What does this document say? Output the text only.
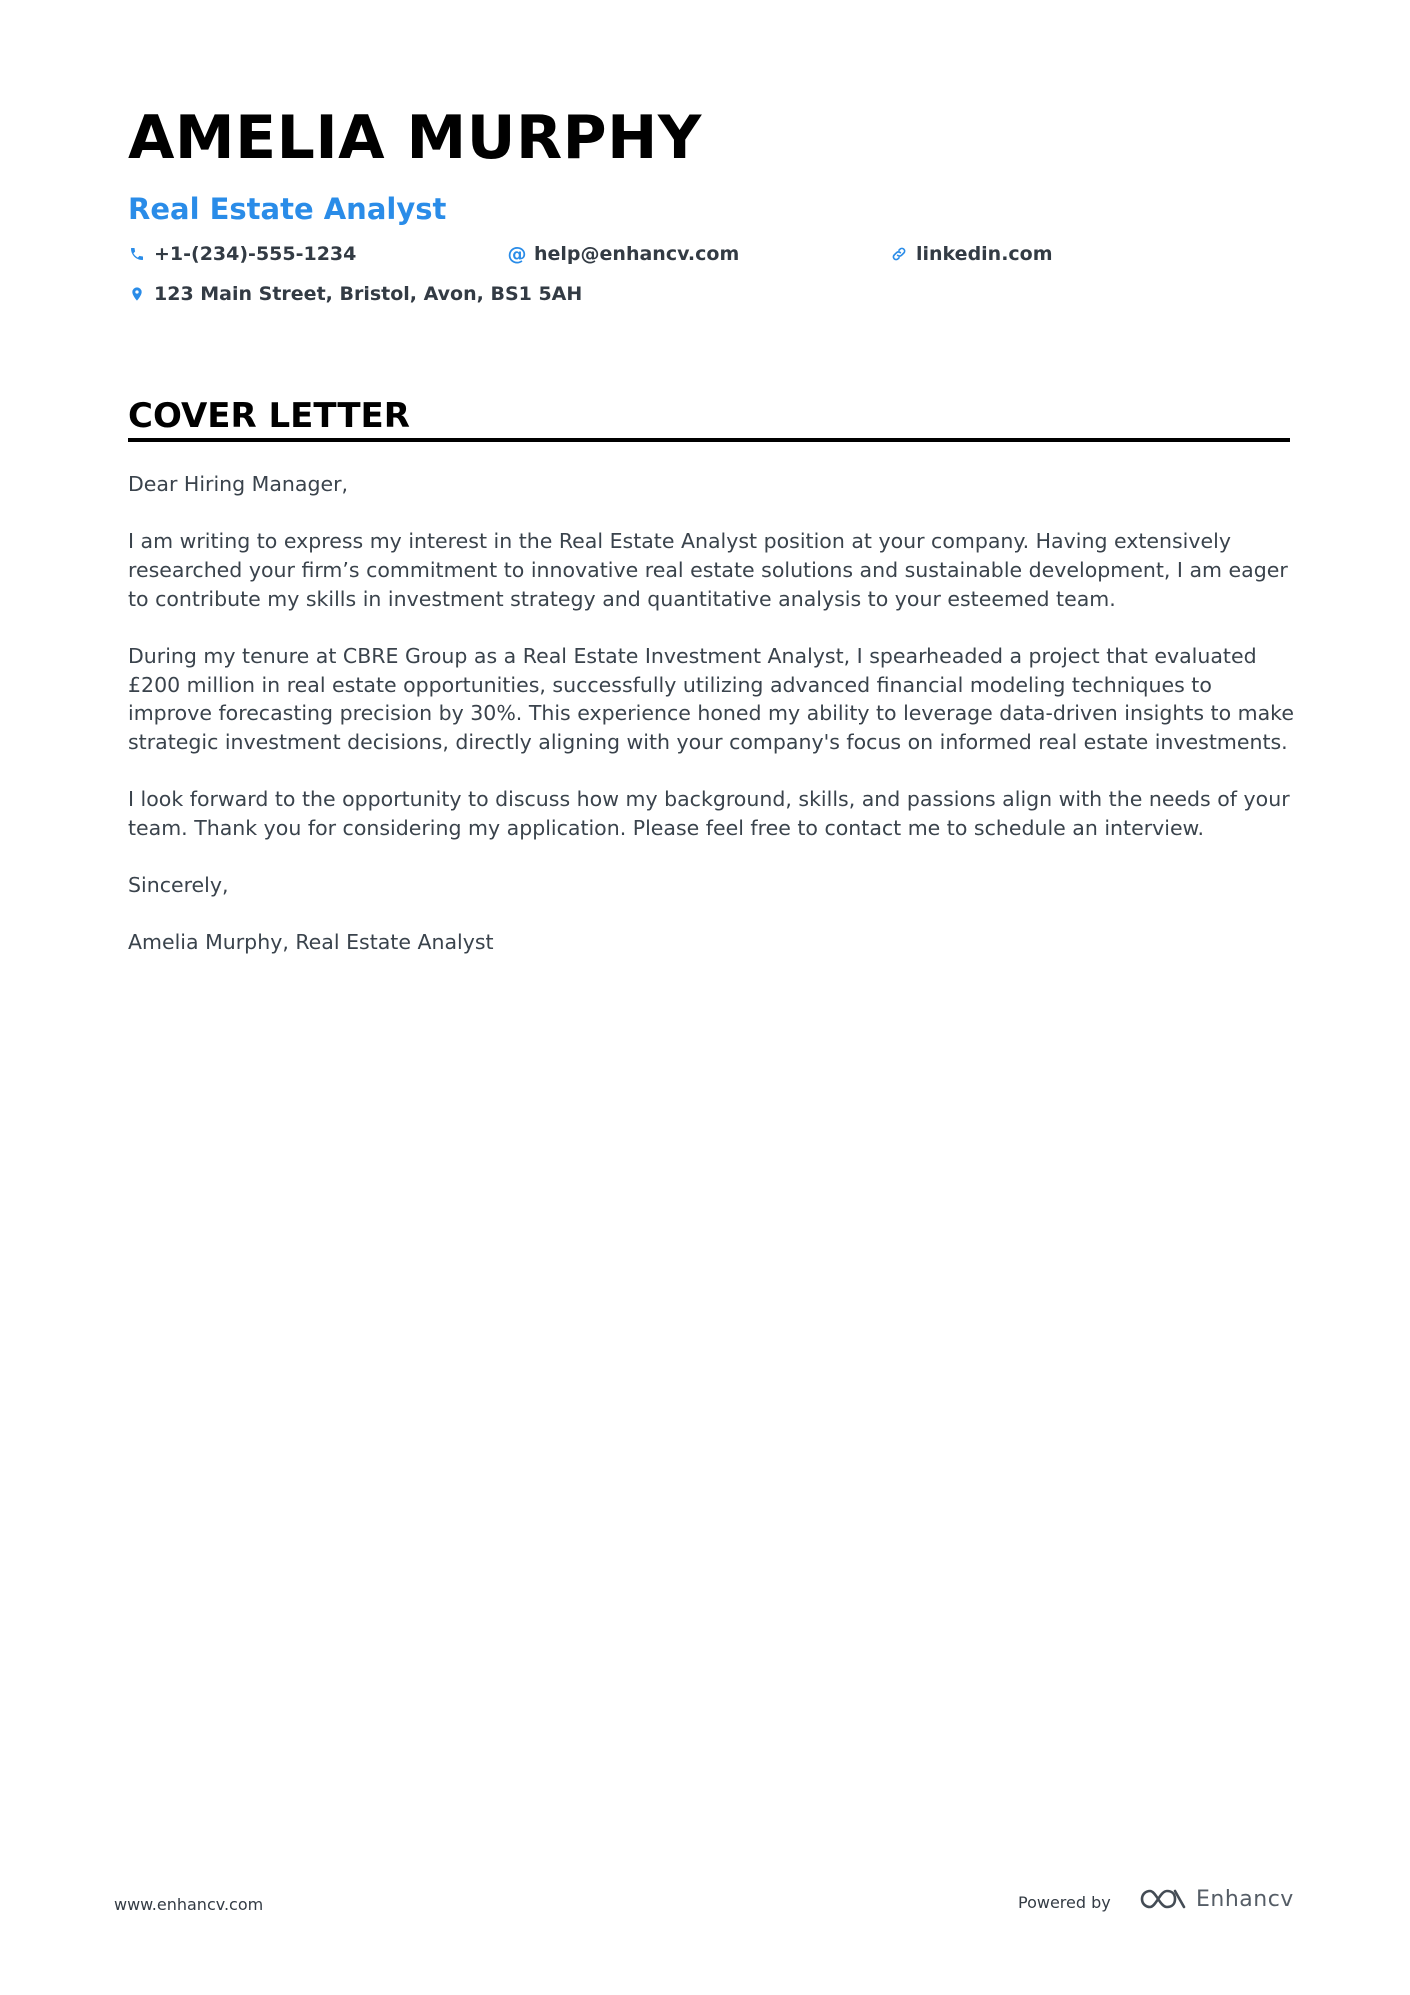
AMELIA MURPHY
Real Estate Analyst
+1-(234)-555-1234	@ help@enhancv.com	linkedin.com
123 Main Street, Bristol, Avon, BS1 5AH
COVER LETTER

Dear Hiring Manager,

I am writing to express my interest in the Real Estate Analyst position at your company. Having extensively researched your firm’s commitment to innovative real estate solutions and sustainable development, I am eager to contribute my skills in investment strategy and quantitative analysis to your esteemed team.

During my tenure at CBRE Group as a Real Estate Investment Analyst, I spearheaded a project that evaluated £200 million in real estate opportunities, successfully utilizing advanced financial modeling techniques to improve forecasting precision by 30%. This experience honed my ability to leverage data-driven insights to make strategic investment decisions, directly aligning with your company's focus on informed real estate investments.

I look forward to the opportunity to discuss how my background, skills, and passions align with the needs of your team. Thank you for considering my application. Please feel free to contact me to schedule an interview.

Sincerely,

Amelia Murphy, Real Estate Analyst

www.enhancv.com	Powered by	Enhancv
